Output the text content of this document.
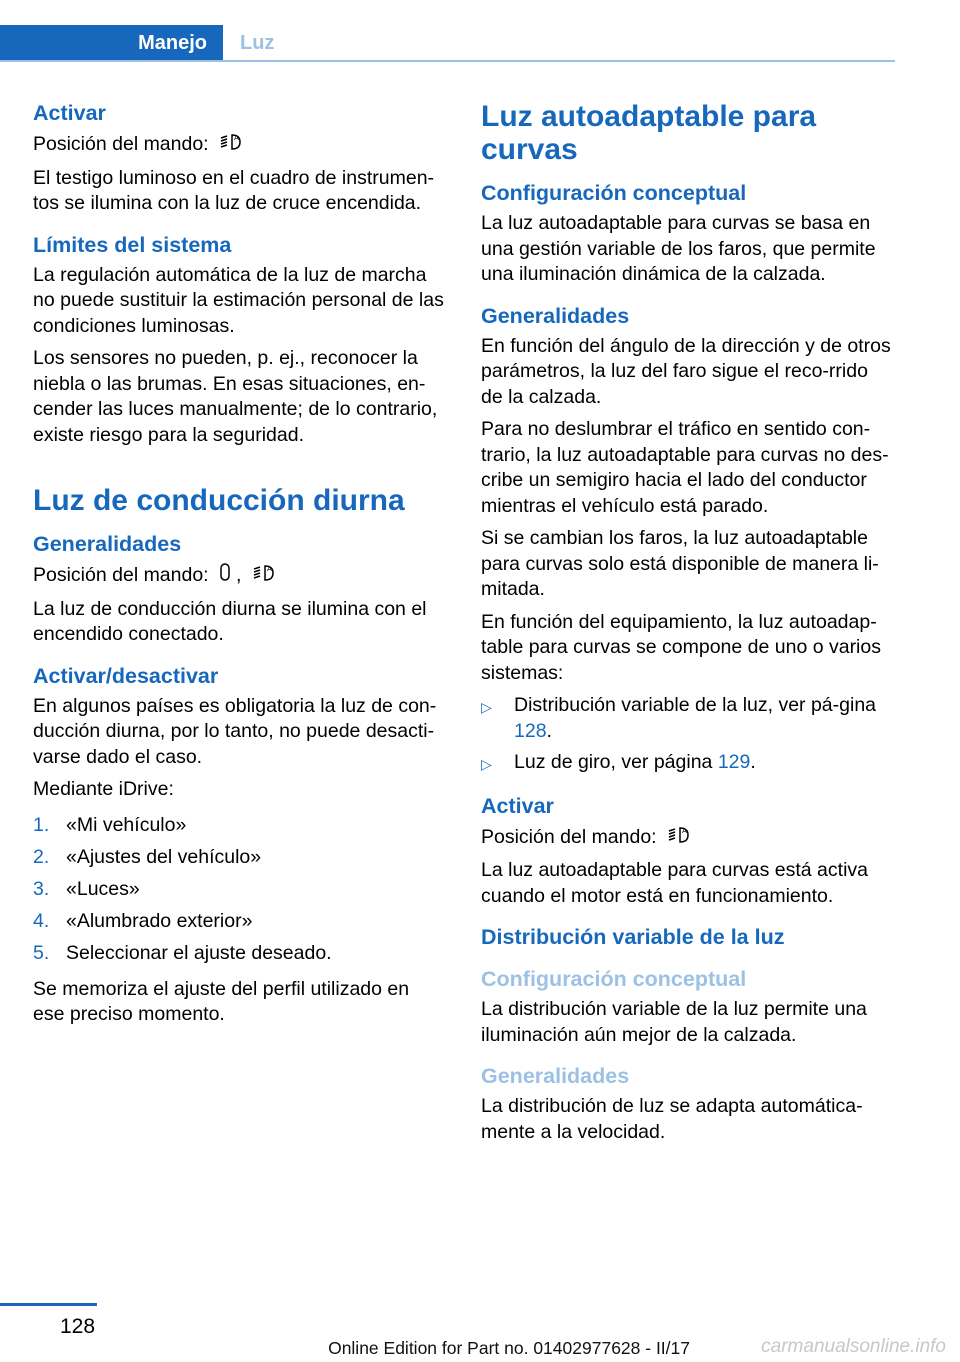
Manejo	Luz
Activar

Posición del mando:	A

El testigo luminoso en el cuadro de instrumen‐tos se ilumina con la luz de cruce encendida.

Límites del sistema

La regulación automática de la luz de marcha no puede sustituir la estimación personal de las condiciones luminosas.

Los sensores no pueden, p. ej., reconocer la niebla o las brumas. En esas situaciones, en‐cender las luces manualmente; de lo contrario, existe riesgo para la seguridad.

Luz de conducción diurna
Generalidades

Posición del mando: ,	A

La luz de conducción diurna se ilumina con el encendido conectado.

Activar/desactivar

En algunos países es obligatoria la luz de con‐ducción diurna, por lo tanto, no puede desacti‐varse dado el caso.

Mediante iDrive:

1. «Mi vehículo»
2. «Ajustes del vehículo»
3. «Luces»
4. «Alumbrado exterior»
5. Seleccionar el ajuste deseado.

Se memoriza el ajuste del perfil utilizado en ese preciso momento.

Luz autoadaptable para curvas
Configuración conceptual

La luz autoadaptable para curvas se basa en una gestión variable de los faros, que permite una iluminación dinámica de la calzada.

Generalidades

En función del ángulo de la dirección y de otros parámetros, la luz del faro sigue el reco‐rrido de la calzada.

Para no deslumbrar el tráfico en sentido con‐trario, la luz autoadaptable para curvas no des‐cribe un semigiro hacia el lado del conductor mientras el vehículo está parado.

Si se cambian los faros, la luz autoadaptable para curvas solo está disponible de manera li‐mitada.

En función del equipamiento, la luz autoadap‐table para curvas se compone de uno o varios sistemas:

▷	Distribución variable de la luz, ver pá‐gina 128.
▷	Luz de giro, ver página 129.
Activar

Posición del mando:	A

La luz autoadaptable para curvas está activa cuando el motor está en funcionamiento.

Distribución variable de la luz
Configuración conceptual

La distribución variable de la luz permite una iluminación aún mejor de la calzada.

Generalidades

La distribución de luz se adapta automática‐mente a la velocidad.

128
Online Edition for Part no. 01402977628 - II/17	carmanualsonline.info
